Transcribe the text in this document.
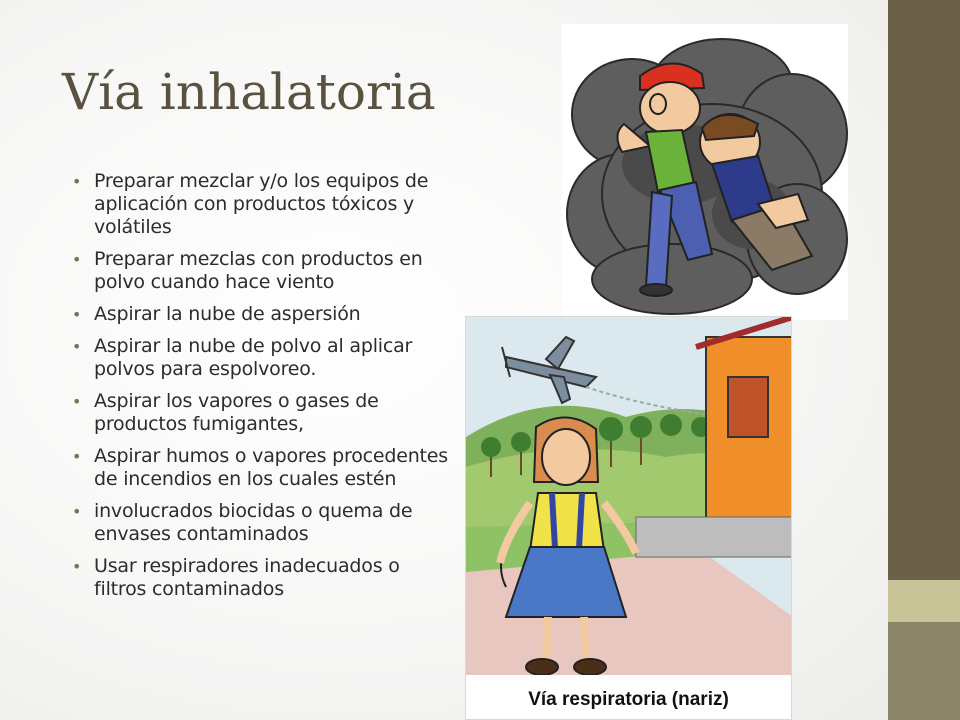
Vía inhalatoria
• Preparar mezclar y/o los equipos de aplicación con productos tóxicos y volátiles
• Preparar mezclas con productos en polvo cuando hace viento
• Aspirar la nube de aspersión
• Aspirar la nube de polvo al aplicar polvos para espolvoreo.
• Aspirar los vapores o gases de productos fumigantes,
• Aspirar humos o vapores procedentes de incendios en los cuales estén
• involucrados biocidas o quema de envases contaminados
• Usar respiradores inadecuados o filtros contaminados
Vía respiratoria (nariz)
